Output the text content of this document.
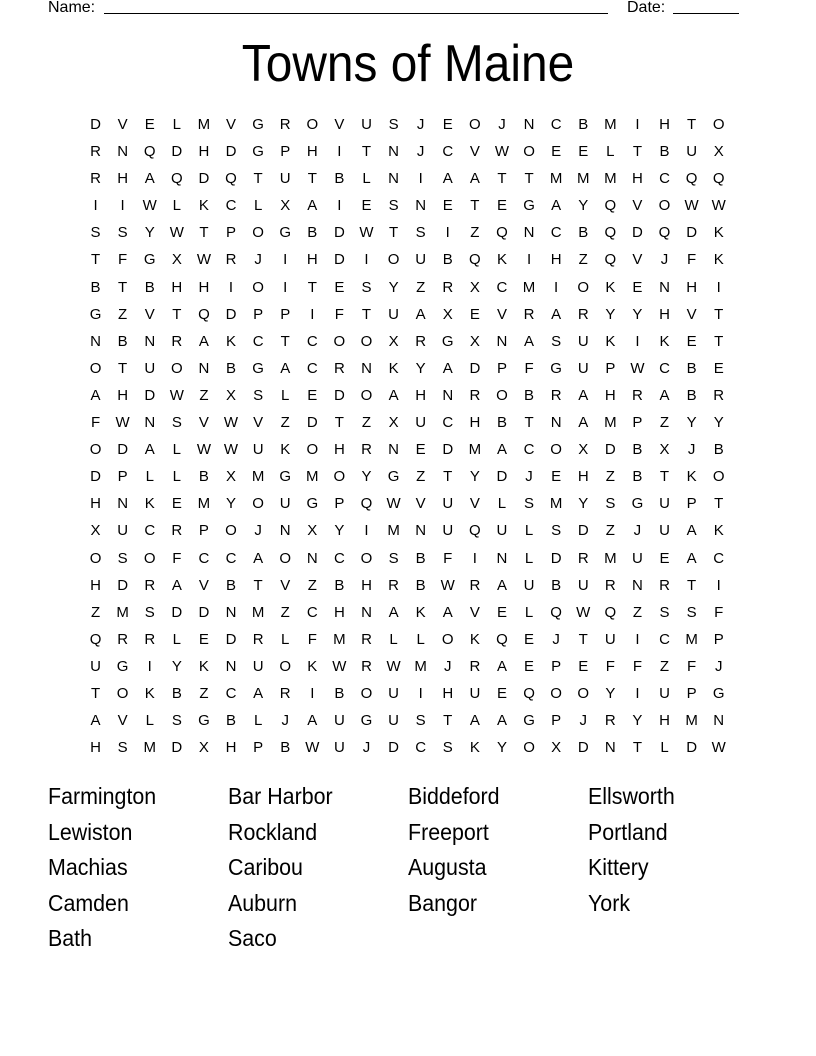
Name:	Date:
Towns of Maine
D	V	E	L	M	V	G	R	O	V	U	S	J	E	O	J	N	C	B	M	I	H	T	O
R	N	Q	D	H	D	G	P	H	I	T	N	J	C	V	W O	E	E	L	T	B	U	X
R	H	A	Q	D	Q	T	U	T	B	L	N	I	A	A	T	T	M M M	H	C	Q	Q
I	I	W	L	K	C	L	X	A	I	E	S	N	E	T	E	G	A	Y	Q	V	O W W
S	S	Y	W	T	P	O	G	B	D W	T	S	I	Z	Q	N	C	B	Q	D	Q	D	K
T	F	G	X	W R	J	I	H	D	I	O	U	B	Q	K	I	H	Z	Q	V	J	F	K
B	T	B	H	H	I	O	I	T	E	S	Y	Z	R	X	C	M	I	O	K	E	N	H	I
G	Z	V	T	Q	D	P	P	I	F	T	U	A	X	E	V	R	A	R	Y	Y	H	V	T
N	B	N	R	A	K	C	T	C	O	O	X	R	G	X	N	A	S	U	K	I	K	E	T
O	T	U	O	N	B	G	A	C	R	N	K	Y	A	D	P	F	G	U	P	W C	B	E
A	H	D W	Z	X	S	L	E	D	O	A	H	N	R	O	B	R	A	H	R	A	B	R
F	W N	S	V	W	V	Z	D	T	Z	X	U	C	H	B	T	N	A	M	P	Z	Y	Y
O	D	A	L	W W U	K	O	H	R	N	E	D	M	A	C	O	X	D	B	X	J	B
D	P	L	L	B	X	M	G	M	O	Y	G	Z	T	Y	D	J	E	H	Z	B	T	K	O
H	N	K	E	M	Y	O	U	G	P	Q W	V	U	V	L	S	M	Y	S	G	U	P	T
X	U	C	R	P	O	J	N	X	Y	I	M	N	U	Q	U	L	S	D	Z	J	U	A	K
O	S	O	F	C	C	A	O	N	C	O	S	B	F	I	N	L	D	R	M	U	E	A	C
H	D	R	A	V	B	T	V	Z	B	H	R	B	W R	A	U	B	U	R	N	R	T	I
Z	M	S	D	D	N	M	Z	C	H	N	A	K	A	V	E	L	Q W Q	Z	S	S	F
Q	R	R	L	E	D	R	L	F	M	R	L	L	O	K	Q	E	J	T	U	I	C	M	P
U	G	I	Y	K	N	U	O	K	W R W M	J	R	A	E	P	E	F	F	Z	F	J
T	O	K	B	Z	C	A	R	I	B	O	U	I	H	U	E	Q	O	O	Y	I	U	P	G
A	V	L	S	G	B	L	J	A	U	G	U	S	T	A	A	G	P	J	R	Y	H	M	N
H	S	M	D	X	H	P	B	W U	J	D	C	S	K	Y	O	X	D	N	T	L	D W
Farmington	Bar Harbor	Biddeford	Ellsworth
Lewiston	Rockland	Freeport	Portland
Machias	Caribou	Augusta	Kittery
Camden	Auburn	Bangor	York
Bath	Saco
